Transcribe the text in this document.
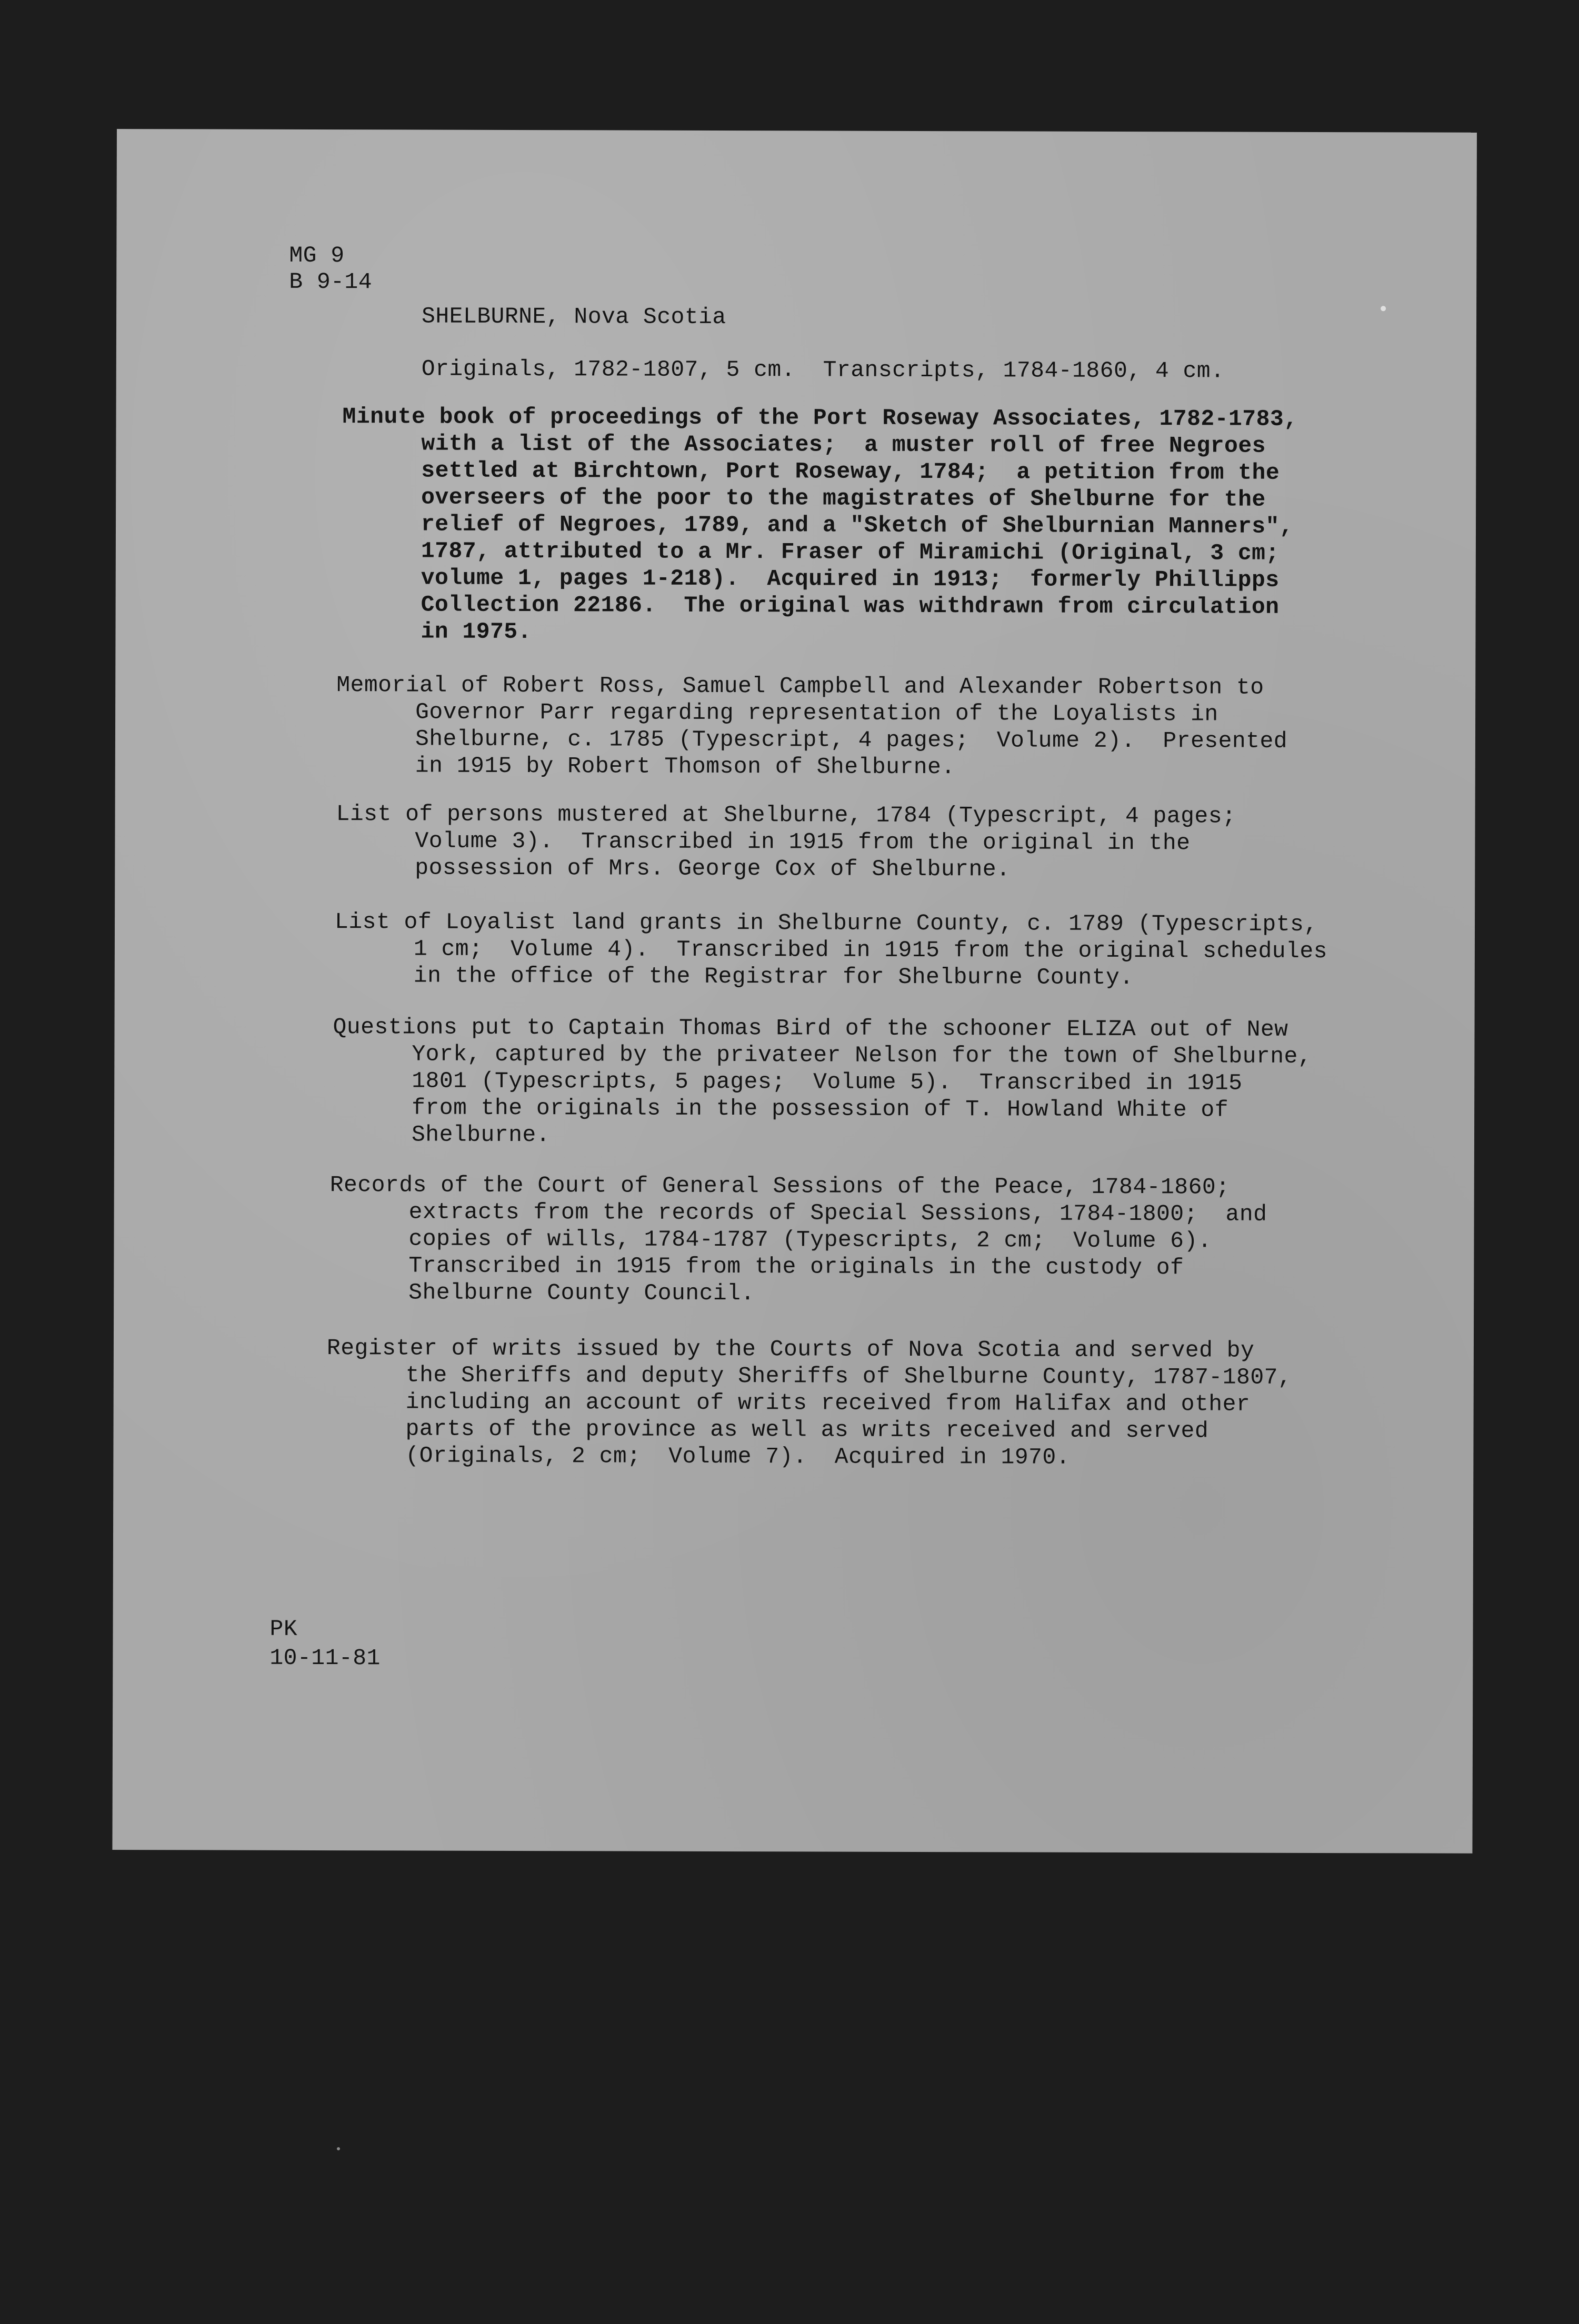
MG 9
B 9-14
SHELBURNE, Nova Scotia
Originals, 1782-1807, 5 cm.  Transcripts, 1784-1860, 4 cm.
Minute book of proceedings of the Port Roseway Associates, 1782-1783,
with a list of the Associates;  a muster roll of free Negroes
settled at Birchtown, Port Roseway, 1784;  a petition from the
overseers of the poor to the magistrates of Shelburne for the
relief of Negroes, 1789, and a "Sketch of Shelburnian Manners",
1787, attributed to a Mr. Fraser of Miramichi (Original, 3 cm;
volume 1, pages 1-218).  Acquired in 1913;  formerly Phillipps
Collection 22186.  The original was withdrawn from circulation
in 1975.
Memorial of Robert Ross, Samuel Campbell and Alexander Robertson to
Governor Parr regarding representation of the Loyalists in
Shelburne, c. 1785 (Typescript, 4 pages;  Volume 2).  Presented
in 1915 by Robert Thomson of Shelburne.
List of persons mustered at Shelburne, 1784 (Typescript, 4 pages;
Volume 3).  Transcribed in 1915 from the original in the
possession of Mrs. George Cox of Shelburne.
List of Loyalist land grants in Shelburne County, c. 1789 (Typescripts,
1 cm;  Volume 4).  Transcribed in 1915 from the original schedules
in the office of the Registrar for Shelburne County.
Questions put to Captain Thomas Bird of the schooner ELIZA out of New
York, captured by the privateer Nelson for the town of Shelburne,
1801 (Typescripts, 5 pages;  Volume 5).  Transcribed in 1915
from the originals in the possession of T. Howland White of
Shelburne.
Records of the Court of General Sessions of the Peace, 1784-1860;
extracts from the records of Special Sessions, 1784-1800;  and
copies of wills, 1784-1787 (Typescripts, 2 cm;  Volume 6).
Transcribed in 1915 from the originals in the custody of
Shelburne County Council.
Register of writs issued by the Courts of Nova Scotia and served by
the Sheriffs and deputy Sheriffs of Shelburne County, 1787-1807,
including an account of writs received from Halifax and other
parts of the province as well as writs received and served
(Originals, 2 cm;  Volume 7).  Acquired in 1970.
PK
10-11-81
